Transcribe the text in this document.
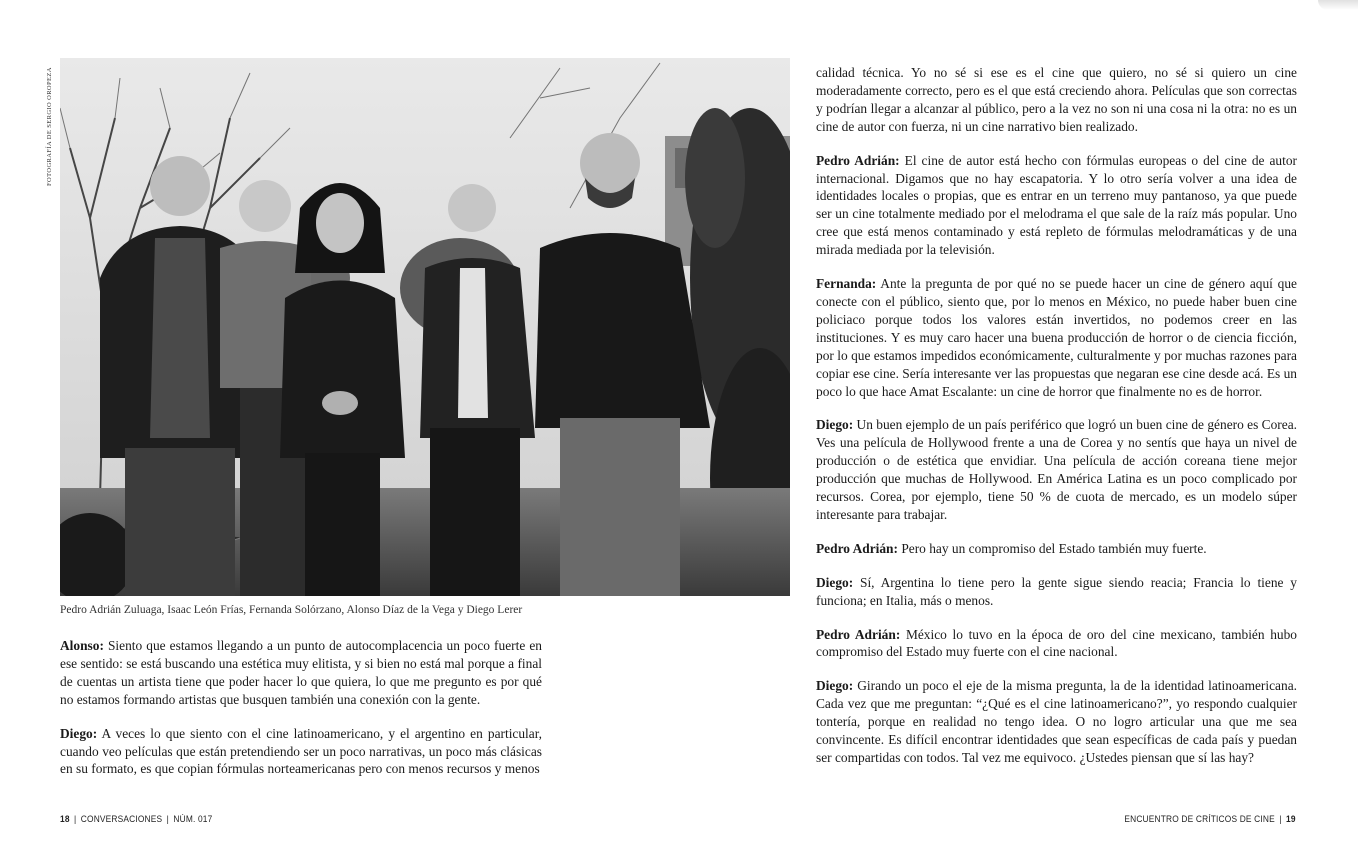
FOTOGRAFÍA DE SERGIO OROPEZA
Pedro Adrián Zuluaga, Isaac León Frías, Fernanda Solórzano, Alonso Díaz de la Vega y Diego Lerer

Alonso: Siento que estamos llegando a un punto de autocomplacencia un poco fuerte en ese sentido: se está buscando una estética muy elitista, y si bien no está mal porque a final de cuentas un artista tiene que poder hacer lo que quiera, lo que me pregunto es por qué no estamos formando artistas que busquen también una conexión con la gente.

Diego: A veces lo que siento con el cine latinoamericano, y el argentino en particular, cuando veo películas que están pretendiendo ser un poco narrativas, un poco más clásicas en su formato, es que copian fórmulas norteamericanas pero con menos recursos y menos

calidad técnica. Yo no sé si ese es el cine que quiero, no sé si quiero un cine moderadamente correcto, pero es el que está creciendo ahora. Películas que son correctas y podrían llegar a alcanzar al público, pero a la vez no son ni una cosa ni la otra: no es un cine de autor con fuerza, ni un cine narrativo bien realizado.

Pedro Adrián: El cine de autor está hecho con fórmulas europeas o del cine de autor internacional. Digamos que no hay escapatoria. Y lo otro sería volver a una idea de identidades locales o propias, que es entrar en un terreno muy pantanoso, ya que puede ser un cine totalmente mediado por el melodrama el que sale de la raíz más popular. Uno cree que está menos contaminado y está repleto de fórmulas melodramáticas y de una mirada mediada por la televisión.

Fernanda: Ante la pregunta de por qué no se puede hacer un cine de género aquí que conecte con el público, siento que, por lo menos en México, no puede haber buen cine policiaco porque todos los valores están invertidos, no podemos creer en las instituciones. Y es muy caro hacer una buena producción de horror o de ciencia ficción, por lo que estamos impedidos económicamente, culturalmente y por muchas razones para copiar ese cine. Sería interesante ver las propuestas que negaran ese cine desde acá. Es un poco lo que hace Amat Escalante: un cine de horror que finalmente no es de horror.

Diego: Un buen ejemplo de un país periférico que logró un buen cine de género es Corea. Ves una película de Hollywood frente a una de Corea y no sentís que haya un nivel de producción o de estética que envidiar. Una película de acción coreana tiene mejor producción que muchas de Hollywood. En América Latina es un poco complicado por recursos. Corea, por ejemplo, tiene 50 % de cuota de mercado, es un modelo súper interesante para trabajar.

Pedro Adrián: Pero hay un compromiso del Estado también muy fuerte.

Diego: Sí, Argentina lo tiene pero la gente sigue siendo reacia; Francia lo tiene y funciona; en Italia, más o menos.

Pedro Adrián: México lo tuvo en la época de oro del cine mexicano, también hubo compromiso del Estado muy fuerte con el cine nacional.

Diego: Girando un poco el eje de la misma pregunta, la de la identidad latinoamericana. Cada vez que me preguntan: “¿Qué es el cine latinoamericano?”, yo respondo cualquier tontería, porque en realidad no tengo idea. O no logro articular una que me sea convincente. Es difícil encontrar identidades que sean específicas de cada país y puedan ser compartidas con todos. Tal vez me equivoco. ¿Ustedes piensan que sí las hay?

18 | CONVERSACIONES | NÚM. 017	ENCUENTRO DE CRÍTICOS DE CINE | 19
